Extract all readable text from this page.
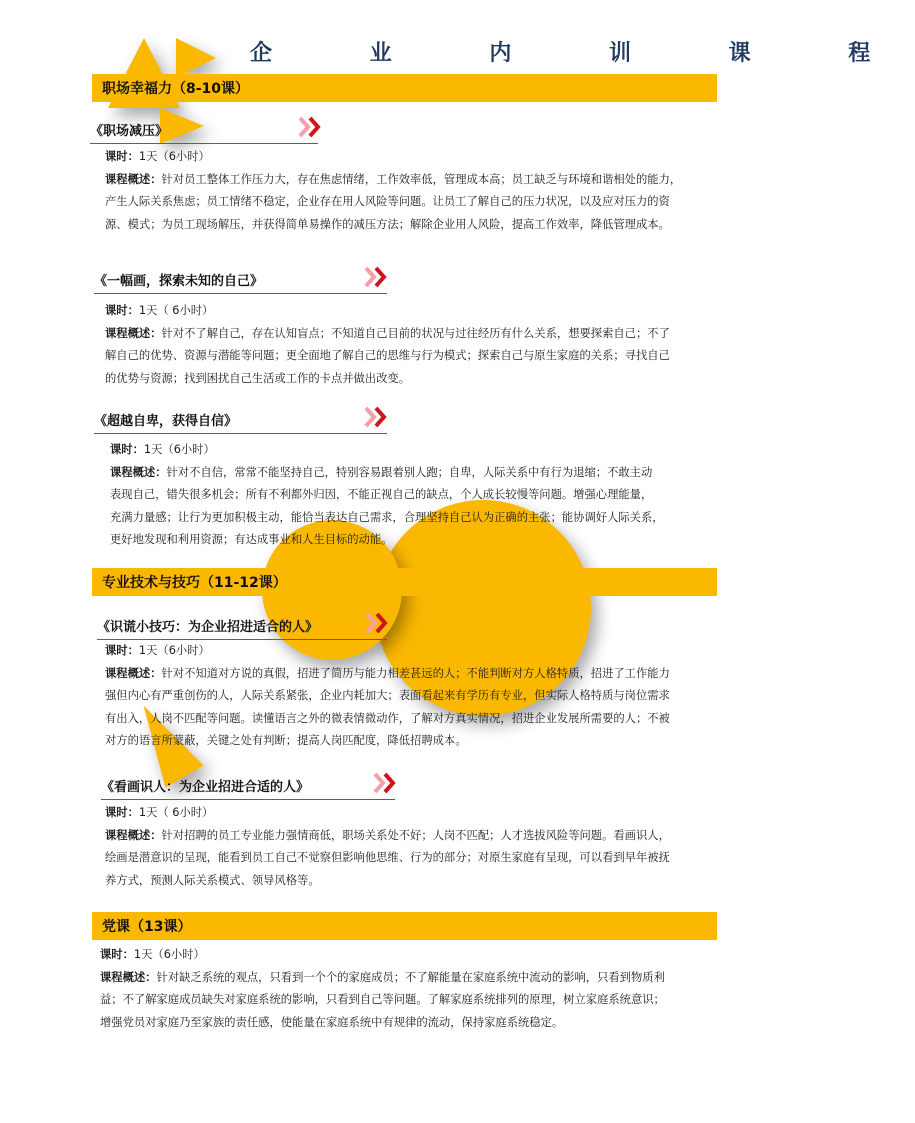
企 业 内 训 课 程
职场幸福力（8-10课）
专业技术与技巧（11-12课）
党课（13课）
《职场减压》
课时：1天（6小时）
课程概述：针对员工整体工作压力大，存在焦虑情绪，工作效率低，管理成本高；员工缺乏与环境和谐相处的能力，
产生人际关系焦虑；员工情绪不稳定，企业存在用人风险等问题。让员工了解自己的压力状况，以及应对压力的资
源、模式；为员工现场解压，并获得简单易操作的减压方法；解除企业用人风险，提高工作效率，降低管理成本。
《一幅画，探索未知的自己》
课时：1天（ 6小时）
课程概述：针对不了解自己，存在认知盲点；不知道自己目前的状况与过往经历有什么关系，想要探索自己；不了
解自己的优势、资源与潜能等问题；更全面地了解自己的思维与行为模式；探索自己与原生家庭的关系；寻找自己
的优势与资源；找到困扰自己生活或工作的卡点并做出改变。
《超越自卑，获得自信》
课时：1天（6小时）
课程概述：针对不自信，常常不能坚持自己，特别容易跟着别人跑；自卑，人际关系中有行为退缩；不敢主动
表现自己，错失很多机会；所有不利都外归因，不能正视自己的缺点，个人成长较慢等问题。增强心理能量，
充满力量感；让行为更加积极主动，能恰当表达自己需求，合理坚持自己认为正确的主张；能协调好人际关系，
更好地发现和利用资源；有达成事业和人生目标的动能。
《识谎小技巧：为企业招进适合的人》
课时：1天（6小时）
课程概述：针对不知道对方说的真假，招进了简历与能力相差甚远的人；不能判断对方人格特质，招进了工作能力
强但内心有严重创伤的人，人际关系紧张，企业内耗加大；表面看起来有学历有专业，但实际人格特质与岗位需求
有出入，人岗不匹配等问题。读懂语言之外的微表情微动作，了解对方真实情况，招进企业发展所需要的人；不被
对方的语言所蒙蔽，关键之处有判断；提高人岗匹配度，降低招聘成本。
《看画识人：为企业招进合适的人》
课时：1天（ 6小时）
课程概述：针对招聘的员工专业能力强情商低，职场关系处不好；人岗不匹配；人才选拔风险等问题。看画识人，
绘画是潜意识的呈现，能看到员工自己不觉察但影响他思维、行为的部分；对原生家庭有呈现，可以看到早年被抚
养方式，预测人际关系模式、领导风格等。
课时：1天（6小时）
课程概述：针对缺乏系统的观点，只看到一个个的家庭成员；不了解能量在家庭系统中流动的影响，只看到物质利
益；不了解家庭成员缺失对家庭系统的影响，只看到自己等问题。了解家庭系统排列的原理，树立家庭系统意识；
增强党员对家庭乃至家族的责任感，使能量在家庭系统中有规律的流动，保持家庭系统稳定。
